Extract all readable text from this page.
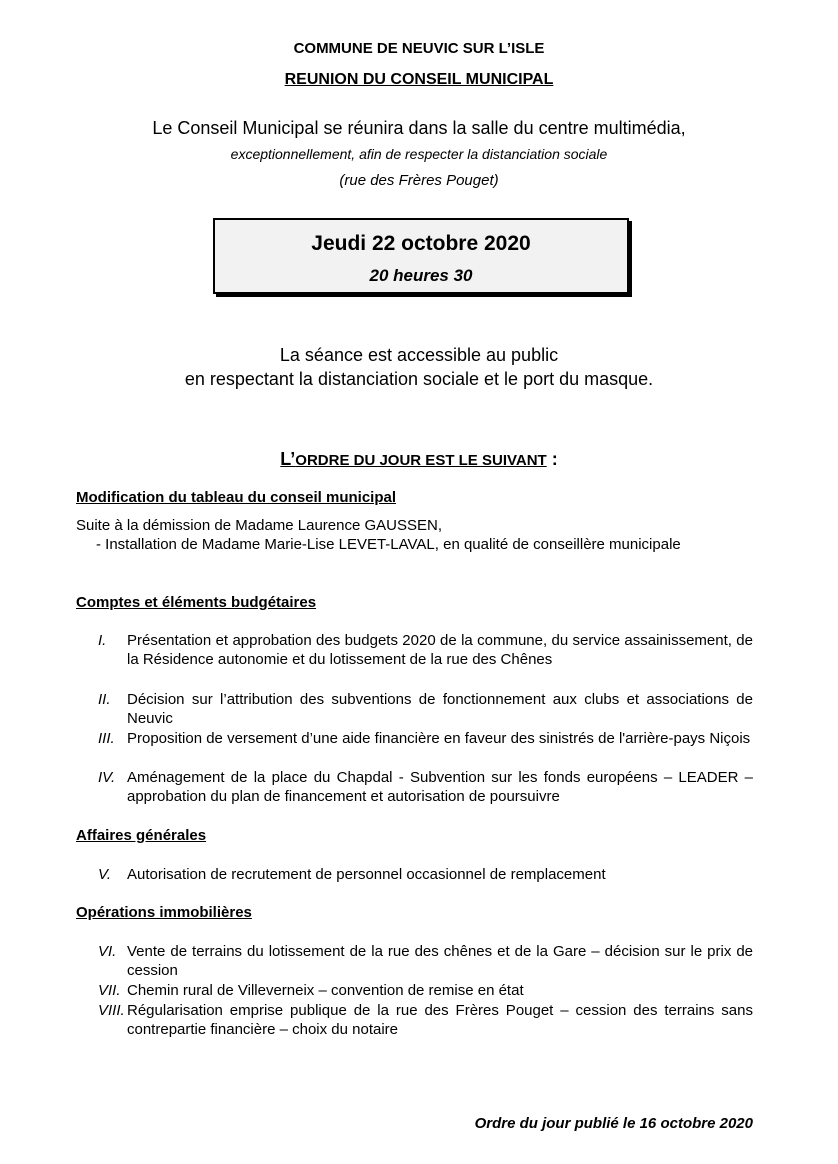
COMMUNE DE NEUVIC SUR L’ISLE
REUNION DU CONSEIL MUNICIPAL
Le Conseil Municipal se réunira dans la salle du centre multimédia,
exceptionnellement, afin de respecter la distanciation sociale
(rue des Frères Pouget)
Jeudi 22 octobre 2020
20 heures 30
La séance est accessible au public
en respectant la distanciation sociale et le port du masque.
L’ORDRE DU JOUR EST LE SUIVANT :
Modification du tableau du conseil municipal
Suite à la démission de Madame Laurence GAUSSEN,
- Installation de Madame Marie-Lise LEVET-LAVAL, en qualité de conseillère municipale
Comptes et éléments budgétaires
I. Présentation et approbation des budgets 2020 de la commune, du service assainissement, de la Résidence autonomie et du lotissement de la rue des Chênes
II. Décision sur l’attribution des subventions de fonctionnement aux clubs et associations de Neuvic
III. Proposition de versement d’une aide financière en faveur des sinistrés de l'arrière-pays Niçois
IV. Aménagement de la place du Chapdal - Subvention sur les fonds européens – LEADER – approbation du plan de financement et autorisation de poursuivre
Affaires générales
V. Autorisation de recrutement de personnel occasionnel de remplacement
Opérations immobilières
VI. Vente de terrains du lotissement de la rue des chênes et de la Gare – décision sur le prix de cession
VII. Chemin rural de Villeverneix – convention de remise en état
VIII. Régularisation emprise publique de la rue des Frères Pouget – cession des terrains sans contrepartie financière – choix du notaire
Ordre du jour publié le 16 octobre 2020
